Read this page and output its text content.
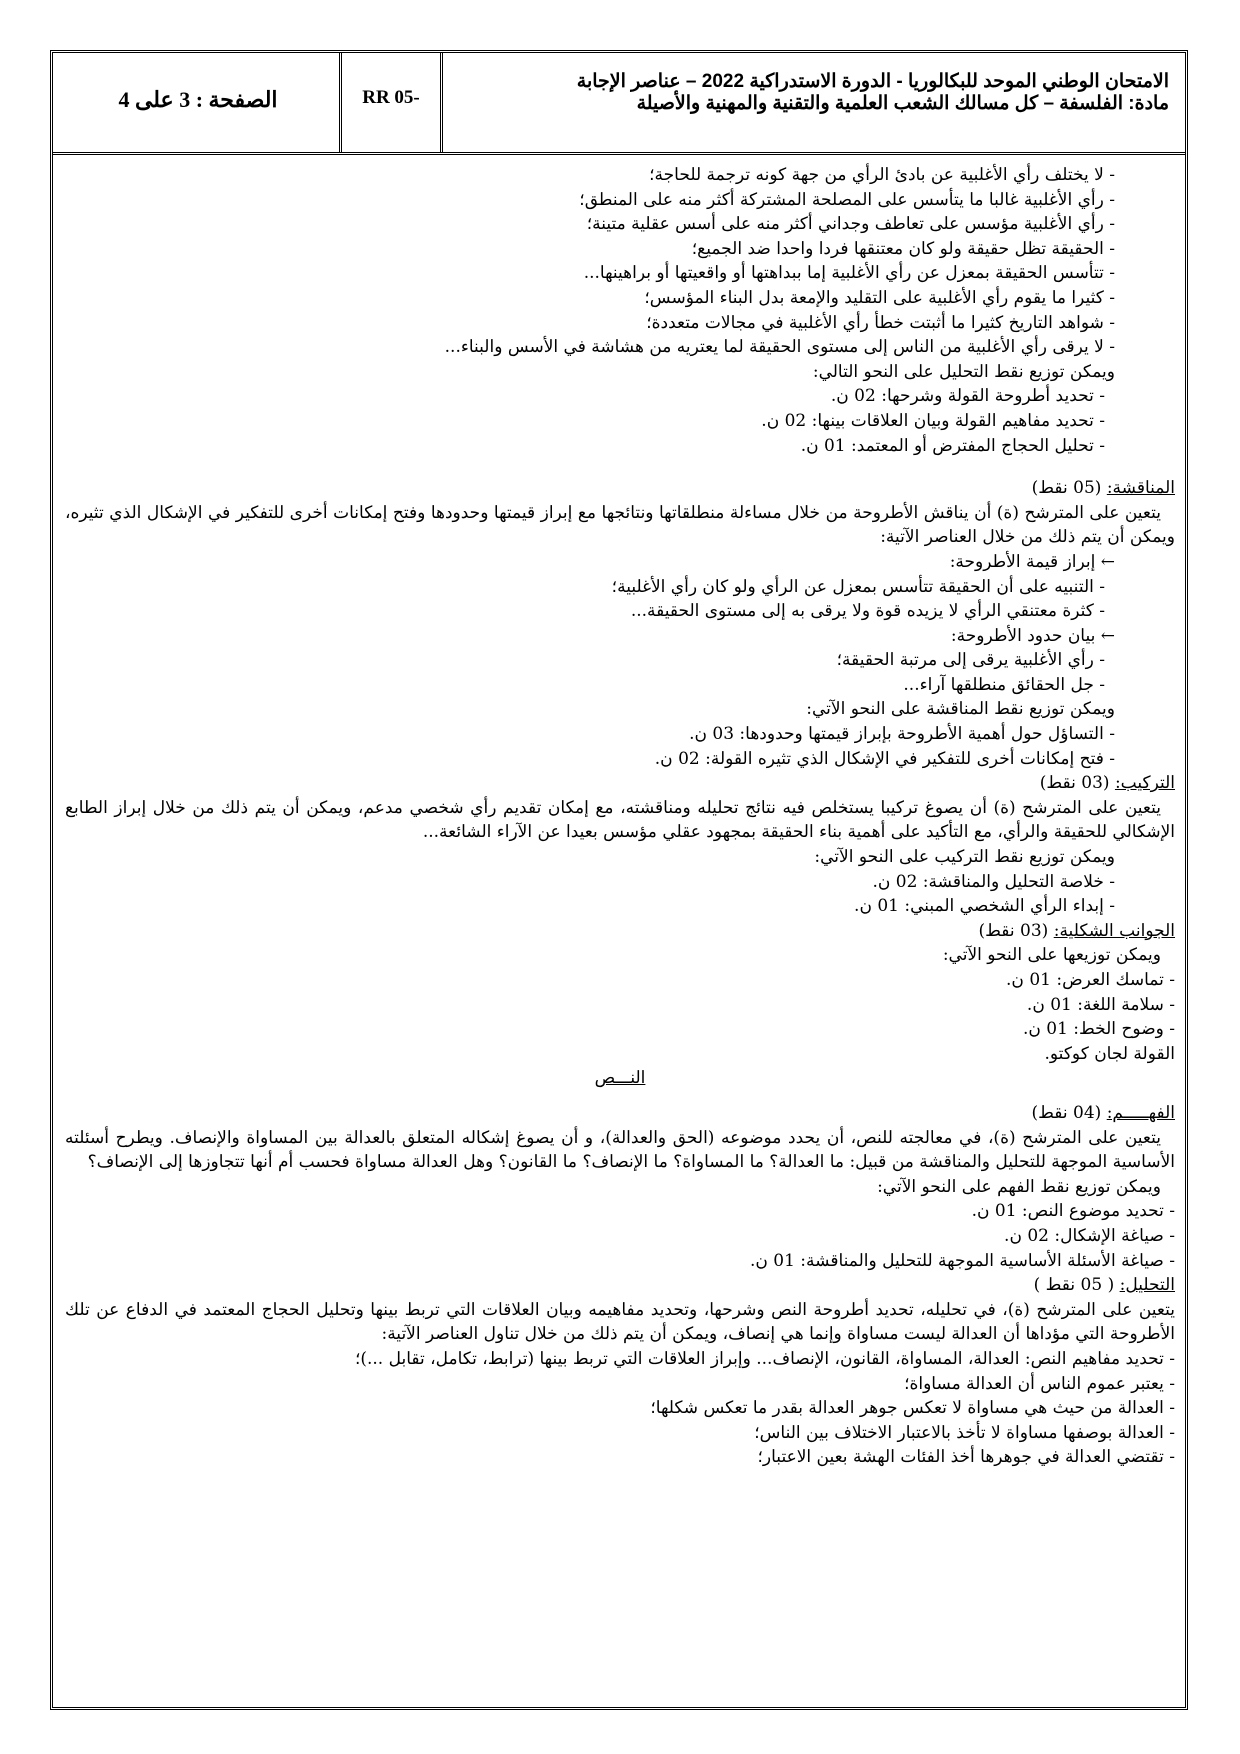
الامتحان الوطني الموحد للبكالوريا - الدورة الاستدراكية 2022 – عناصر الإجابة
مادة: الفلسفة – كل مسالك الشعب العلمية والتقنية والمهنية والأصيلة
RR 05-
الصفحة : 3 على 4
- لا يختلف رأي الأغلبية عن بادئ الرأي من جهة كونه ترجمة للحاجة؛
- رأي الأغلبية غالبا ما يتأسس على المصلحة المشتركة أكثر منه على المنطق؛
- رأي الأغلبية مؤسس على تعاطف وجداني أكثر منه على أسس عقلية متينة؛
- الحقيقة تظل حقيقة ولو كان معتنقها فردا واحدا ضد الجميع؛
- تتأسس الحقيقة بمعزل عن رأي الأغلبية إما ببداهتها أو واقعيتها أو براهينها...
- كثيرا ما يقوم رأي الأغلبية على التقليد والإمعة بدل البناء المؤسس؛
- شواهد التاريخ كثيرا ما أثبتت خطأ رأي الأغلبية في مجالات متعددة؛
- لا يرقى رأي الأغلبية من الناس إلى مستوى الحقيقة لما يعتريه من هشاشة في الأسس والبناء...
ويمكن توزيع نقط التحليل على النحو التالي:
- تحديد أطروحة القولة وشرحها: 02 ن.
- تحديد مفاهيم القولة وبيان العلاقات بينها: 02 ن.
- تحليل الحجاج المفترض أو المعتمد: 01 ن.
المناقشة: (05 نقط)
يتعين على المترشح (ة) أن يناقش الأطروحة من خلال مساءلة منطلقاتها ونتائجها مع إبراز قيمتها وحدودها وفتح إمكانات أخرى للتفكير في الإشكال الذي تثيره، ويمكن أن يتم ذلك من خلال العناصر الآتية:
← إبراز قيمة الأطروحة:
- التنبيه على أن الحقيقة تتأسس بمعزل عن الرأي ولو كان رأي الأغلبية؛
- كثرة معتنقي الرأي لا يزيده قوة ولا يرقى به إلى مستوى الحقيقة...
← بيان حدود الأطروحة:
- رأي الأغلبية يرقى إلى مرتبة الحقيقة؛
- جل الحقائق منطلقها آراء...
ويمكن توزيع نقط المناقشة على النحو الآتي:
- التساؤل حول أهمية الأطروحة بإبراز قيمتها وحدودها: 03 ن.
- فتح إمكانات أخرى للتفكير في الإشكال الذي تثيره القولة: 02 ن.
التركيب: (03 نقط)
يتعين على المترشح (ة) أن يصوغ تركيبا يستخلص فيه نتائج تحليله ومناقشته، مع إمكان تقديم رأي شخصي مدعم، ويمكن أن يتم ذلك من خلال إبراز الطابع الإشكالي للحقيقة والرأي، مع التأكيد على أهمية بناء الحقيقة بمجهود عقلي مؤسس بعيدا عن الآراء الشائعة...
ويمكن توزيع نقط التركيب على النحو الآتي:
- خلاصة التحليل والمناقشة: 02 ن.
- إبداء الرأي الشخصي المبني: 01 ن.
الجوانب الشكلية: (03 نقط)
ويمكن توزيعها على النحو الآتي:
- تماسك العرض: 01 ن.
- سلامة اللغة: 01 ن.
- وضوح الخط: 01 ن.
القولة لجان كوكتو.
النـــص
الفهـــــم: (04 نقط)
يتعين على المترشح (ة)، في معالجته للنص، أن يحدد موضوعه (الحق والعدالة)، و أن يصوغ إشكاله المتعلق بالعدالة بين المساواة والإنصاف. ويطرح أسئلته الأساسية الموجهة للتحليل والمناقشة من قبيل: ما العدالة؟ ما المساواة؟ ما الإنصاف؟ ما القانون؟ وهل العدالة مساواة فحسب أم أنها تتجاوزها إلى الإنصاف؟
ويمكن توزيع نقط الفهم على النحو الآتي:
- تحديد موضوع النص: 01 ن.
- صياغة الإشكال: 02 ن.
- صياغة الأسئلة الأساسية الموجهة للتحليل والمناقشة: 01 ن.
التحليل: ( 05 نقط )
يتعين على المترشح (ة)، في تحليله، تحديد أطروحة النص وشرحها، وتحديد مفاهيمه وبيان العلاقات التي تربط بينها وتحليل الحجاج المعتمد في الدفاع عن تلك الأطروحة التي مؤداها أن العدالة ليست مساواة وإنما هي إنصاف، ويمكن أن يتم ذلك من خلال تناول العناصر الآتية:
- تحديد مفاهيم النص: العدالة، المساواة، القانون، الإنصاف... وإبراز العلاقات التي تربط بينها (ترابط، تكامل، تقابل ...)؛
- يعتبر عموم الناس أن العدالة مساواة؛
- العدالة من حيث هي مساواة لا تعكس جوهر العدالة بقدر ما تعكس شكلها؛
- العدالة بوصفها مساواة لا تأخذ بالاعتبار الاختلاف بين الناس؛
- تقتضي العدالة في جوهرها أخذ الفئات الهشة بعين الاعتبار؛
